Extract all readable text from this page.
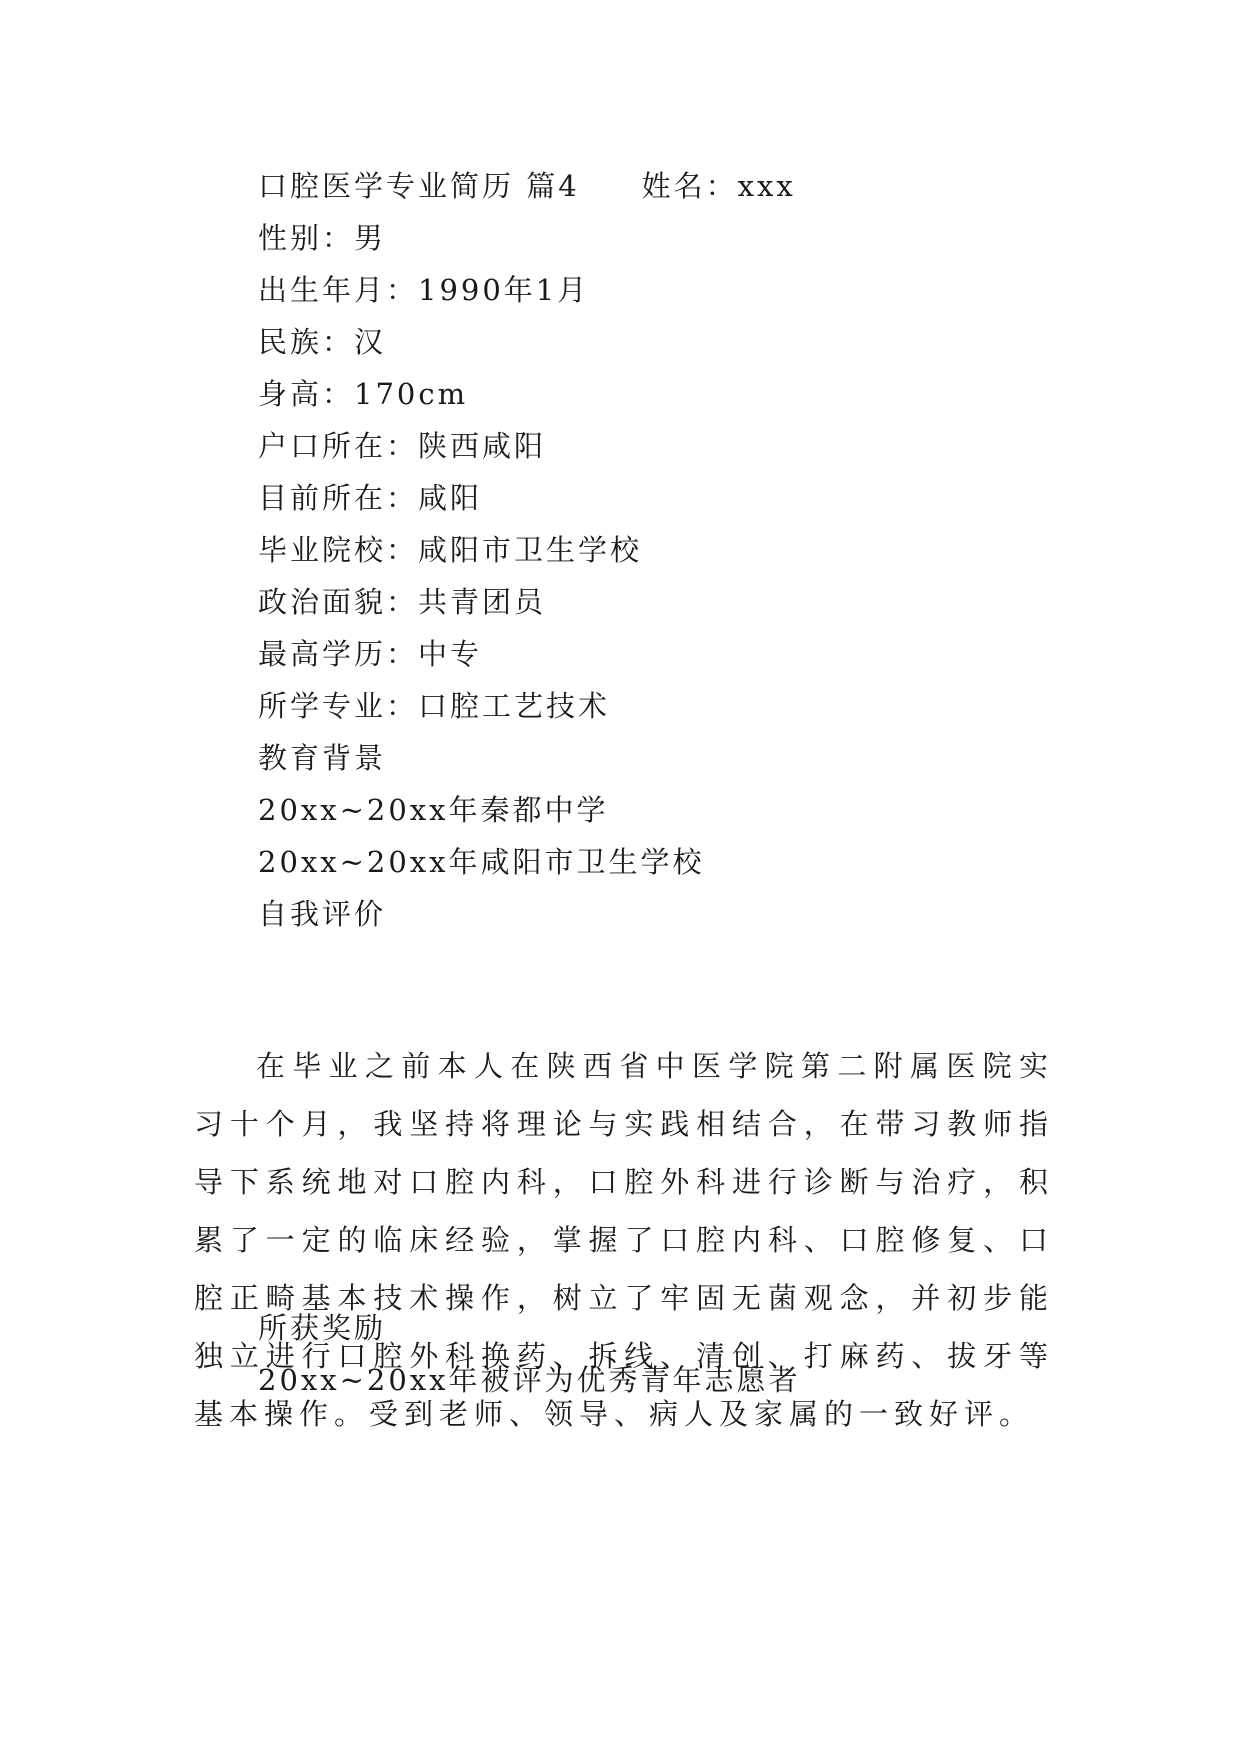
口腔医学专业简历 篇4 姓名：xxx
性别：男
出生年月：1990年1月
民族：汉
身高：170cm
户口所在：陕西咸阳
目前所在：咸阳
毕业院校：咸阳市卫生学校
政治面貌：共青团员
最高学历：中专
所学专业：口腔工艺技术
教育背景
20xx~20xx年秦都中学
20xx~20xx年咸阳市卫生学校
自我评价

在毕业之前本人在陕西省中医学院第二附属医院实习十个月，我坚持将理论与实践相结合，在带习教师指导下系统地对口腔内科，口腔外科进行诊断与治疗，积累了一定的临床经验，掌握了口腔内科、口腔修复、口腔正畸基本技术操作，树立了牢固无菌观念，并初步能独立进行口腔外科换药、拆线、清创、打麻药、拔牙等基本操作。受到老师、领导、病人及家属的一致好评。

所获奖励
20xx~20xx年被评为优秀青年志愿者
